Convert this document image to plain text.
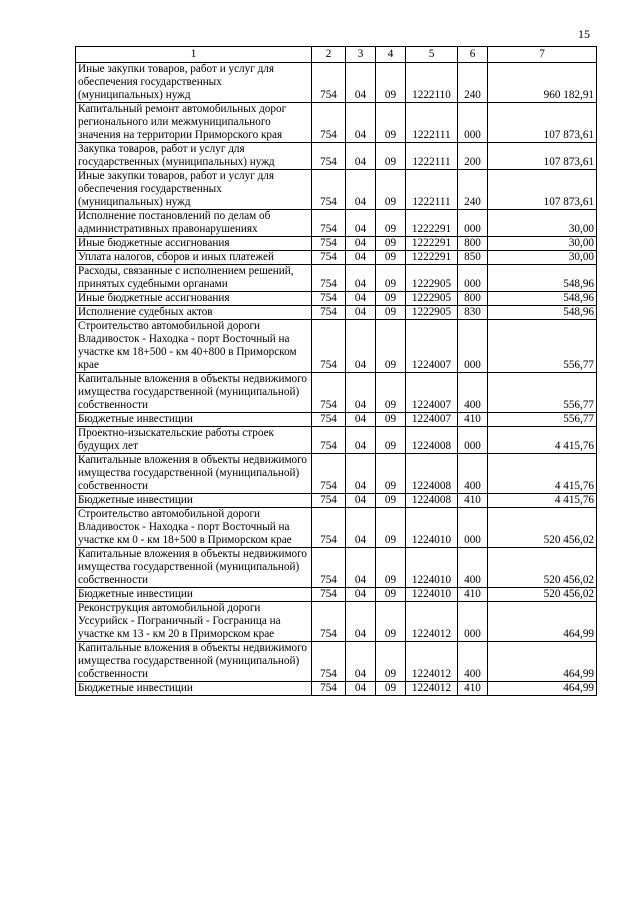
15
1	2	3	4	5	6	7
Иные закупки товаров, работ и услуг для обеспечения государственных (муниципальных) нужд	754	04	09	1222110	240	960 182,91
Капитальный ремонт автомобильных дорог регионального или межмуниципального значения на территории Приморского края	754	04	09	1222111	000	107 873,61
Закупка товаров, работ и услуг для государственных (муниципальных) нужд	754	04	09	1222111	200	107 873,61
Иные закупки товаров, работ и услуг для обеспечения государственных (муниципальных) нужд	754	04	09	1222111	240	107 873,61
Исполнение постановлений по делам об административных правонарушениях	754	04	09	1222291	000	30,00
Иные бюджетные ассигнования	754	04	09	1222291	800	30,00
Уплата налогов, сборов и иных платежей	754	04	09	1222291	850	30,00
Расходы, связанные с исполнением решений, принятых судебными органами	754	04	09	1222905	000	548,96
Иные бюджетные ассигнования	754	04	09	1222905	800	548,96
Исполнение судебных актов	754	04	09	1222905	830	548,96
Строительство автомобильной дороги Владивосток - Находка - порт Восточный на участке км 18+500 - км 40+800 в Приморском крае	754	04	09	1224007	000	556,77
Капитальные вложения в объекты недвижимого имущества государственной (муниципальной) собственности	754	04	09	1224007	400	556,77
Бюджетные инвестиции	754	04	09	1224007	410	556,77
Проектно-изыскательские работы строек будущих лет	754	04	09	1224008	000	4 415,76
Капитальные вложения в объекты недвижимого имущества государственной (муниципальной) собственности	754	04	09	1224008	400	4 415,76
Бюджетные инвестиции	754	04	09	1224008	410	4 415,76
Строительство автомобильной дороги Владивосток - Находка - порт Восточный на участке км 0 - км 18+500 в Приморском крае	754	04	09	1224010	000	520 456,02
Капитальные вложения в объекты недвижимого имущества государственной (муниципальной) собственности	754	04	09	1224010	400	520 456,02
Бюджетные инвестиции	754	04	09	1224010	410	520 456,02
Реконструкция автомобильной дороги Уссурийск - Пограничный - Госграница на участке км 13 - км 20 в Приморском крае	754	04	09	1224012	000	464,99
Капитальные вложения в объекты недвижимого имущества государственной (муниципальной) собственности	754	04	09	1224012	400	464,99
Бюджетные инвестиции	754	04	09	1224012	410	464,99
